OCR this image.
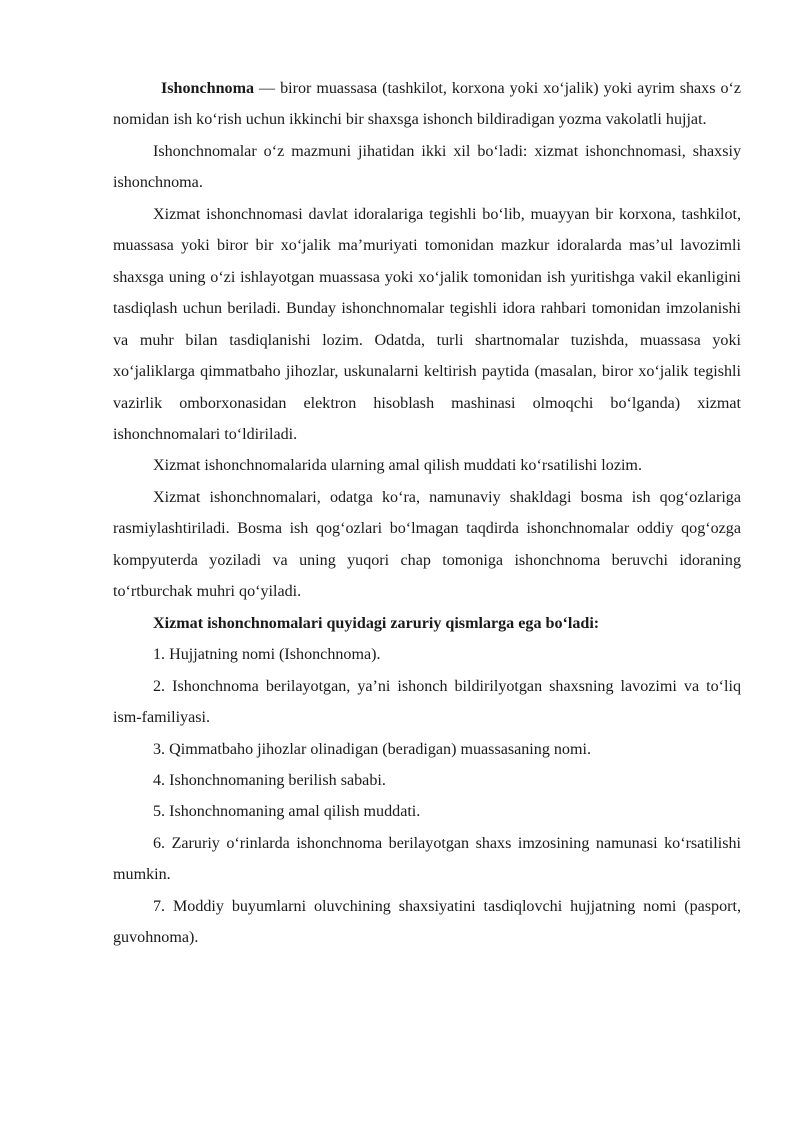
Ishonchnoma — biror muassasa (tashkilot, korxona yoki xo‘jalik) yoki ayrim shaxs o‘z nomidan ish ko‘rish uchun ikkinchi bir shaxsga ishonch bildiradigan yozma vakolatli hujjat.

Ishonchnomalar o‘z mazmuni jihatidan ikki xil bo‘ladi: xizmat ishonchnomasi, shaxsiy ishonchnoma.

Xizmat ishonchnomasi davlat idoralariga tegishli bo‘lib, muayyan bir korxona, tashkilot, muassasa yoki biror bir xo‘jalik ma’muriyati tomonidan mazkur idoralarda mas’ul lavozimli shaxsga uning o‘zi ishlayotgan muassasa yoki xo‘jalik tomonidan ish yuritishga vakil ekanligini tasdiqlash uchun beriladi. Bunday ishonchnomalar tegishli idora rahbari tomonidan imzolanishi va muhr bilan tasdiqlanishi lozim. Odatda, turli shartnomalar tuzishda, muassasa yoki xo‘jaliklarga qimmatbaho jihozlar, uskunalarni keltirish paytida (masalan, biror xo‘jalik tegishli vazirlik omborxonasidan elektron hisoblash mashinasi olmoqchi bo‘lganda) xizmat ishonchnomalari to‘ldiriladi.

Xizmat ishonchnomalarida ularning amal qilish muddati ko‘rsatilishi lozim.

Xizmat ishonchnomalari, odatga ko‘ra, namunaviy shakldagi bosma ish qog‘ozlariga rasmiylashtiriladi. Bosma ish qog‘ozlari bo‘lmagan taqdirda ishonchnomalar oddiy qog‘ozga kompyuterda yoziladi va uning yuqori chap tomoniga ishonchnoma beruvchi idoraning to‘rtburchak muhri qo‘yiladi.

Xizmat ishonchnomalari quyidagi zaruriy qismlarga ega bo‘ladi:

1. Hujjatning nomi (Ishonchnoma).

2. Ishonchnoma berilayotgan, ya’ni ishonch bildirilyotgan shaxsning lavozimi va to‘liq ism-familiyasi.

3. Qimmatbaho jihozlar olinadigan (beradigan) muassasaning nomi.

4. Ishonchnomaning berilish sababi.

5. Ishonchnomaning amal qilish muddati.

6. Zaruriy o‘rinlarda ishonchnoma berilayotgan shaxs imzosining namunasi ko‘rsatilishi mumkin.

7. Moddiy buyumlarni oluvchining shaxsiyatini tasdiqlovchi hujjatning nomi (pasport, guvohnoma).
